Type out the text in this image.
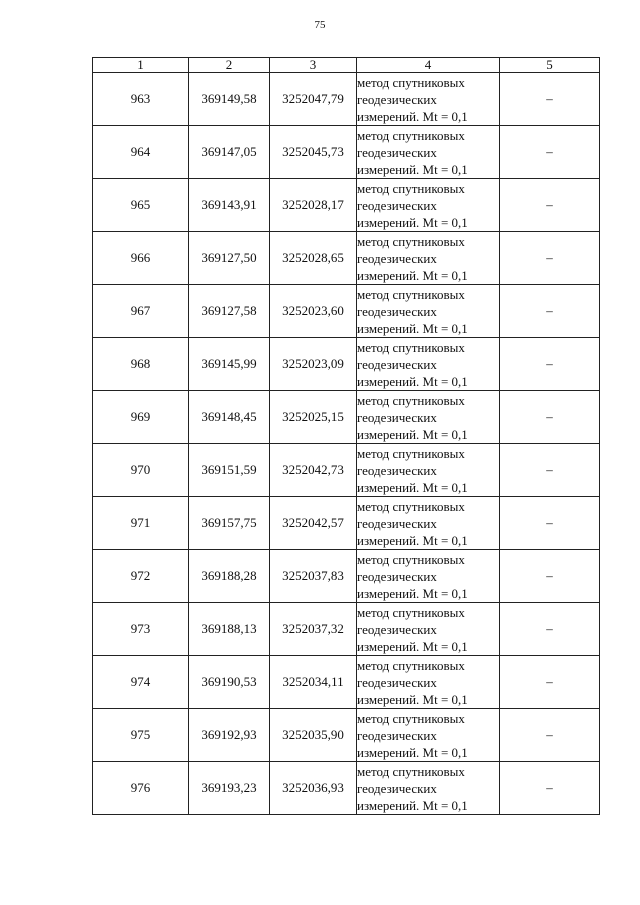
75
1	2	3	4	5
963	369149,58	3252047,79	метод спутниковых
геодезических
измерений. Mt = 0,1	–
964	369147,05	3252045,73	метод спутниковых
геодезических
измерений. Mt = 0,1	–
965	369143,91	3252028,17	метод спутниковых
геодезических
измерений. Mt = 0,1	–
966	369127,50	3252028,65	метод спутниковых
геодезических
измерений. Mt = 0,1	–
967	369127,58	3252023,60	метод спутниковых
геодезических
измерений. Mt = 0,1	–
968	369145,99	3252023,09	метод спутниковых
геодезических
измерений. Mt = 0,1	–
969	369148,45	3252025,15	метод спутниковых
геодезических
измерений. Mt = 0,1	–
970	369151,59	3252042,73	метод спутниковых
геодезических
измерений. Mt = 0,1	–
971	369157,75	3252042,57	метод спутниковых
геодезических
измерений. Mt = 0,1	–
972	369188,28	3252037,83	метод спутниковых
геодезических
измерений. Mt = 0,1	–
973	369188,13	3252037,32	метод спутниковых
геодезических
измерений. Mt = 0,1	–
974	369190,53	3252034,11	метод спутниковых
геодезических
измерений. Mt = 0,1	–
975	369192,93	3252035,90	метод спутниковых
геодезических
измерений. Mt = 0,1	–
976	369193,23	3252036,93	метод спутниковых
геодезических
измерений. Mt = 0,1	–
